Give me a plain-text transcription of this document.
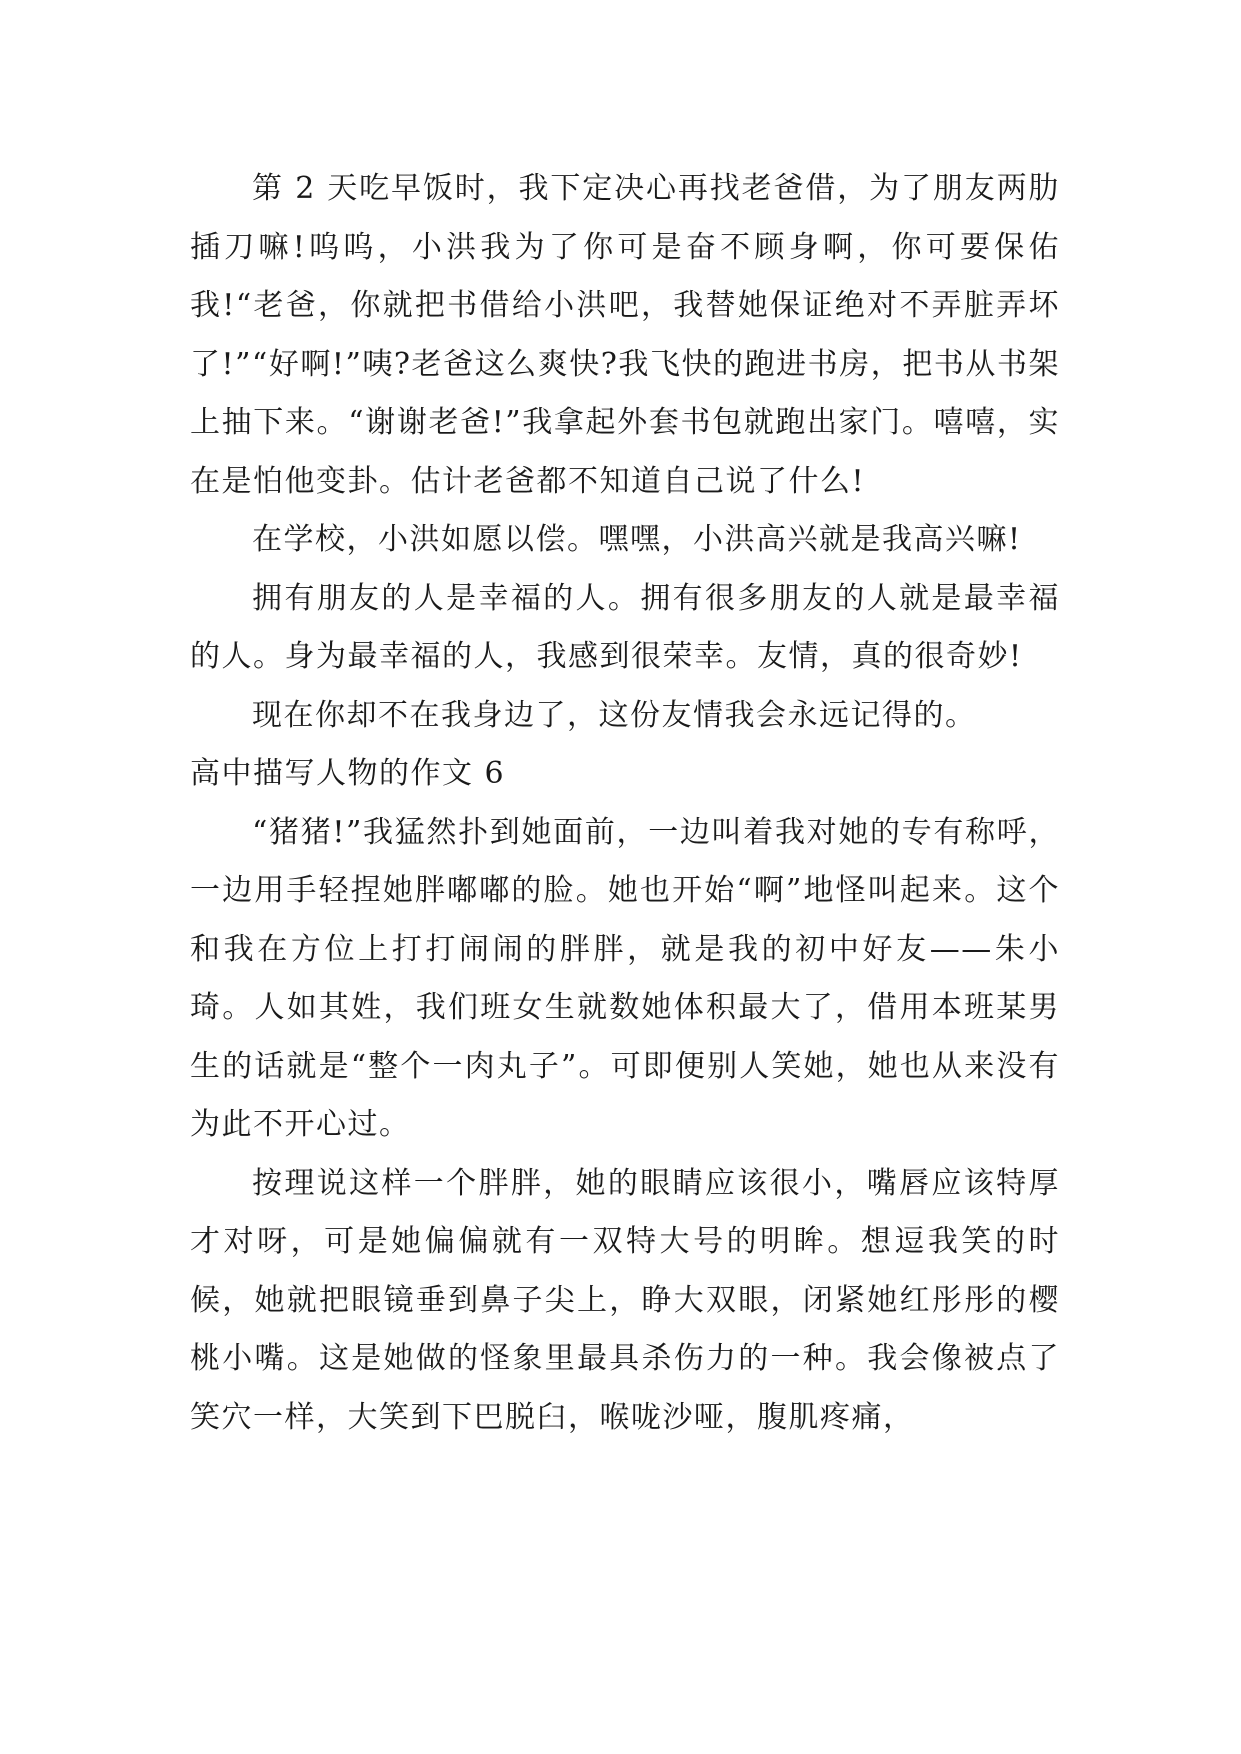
第 2 天吃早饭时，我下定决心再找老爸借，为了朋友两肋插刀嘛!呜呜，小洪我为了你可是奋不顾身啊，你可要保佑我!“老爸，你就把书借给小洪吧，我替她保证绝对不弄脏弄坏了!”“好啊!”咦?老爸这么爽快?我飞快的跑进书房，把书从书架上抽下来。“谢谢老爸!”我拿起外套书包就跑出家门。嘻嘻，实在是怕他变卦。估计老爸都不知道自己说了什么!

在学校，小洪如愿以偿。嘿嘿，小洪高兴就是我高兴嘛!

拥有朋友的人是幸福的人。拥有很多朋友的人就是最幸福的人。身为最幸福的人，我感到很荣幸。友情，真的很奇妙!

现在你却不在我身边了，这份友情我会永远记得的。

高中描写人物的作文 6

“猪猪!”我猛然扑到她面前，一边叫着我对她的专有称呼，一边用手轻捏她胖嘟嘟的脸。她也开始“啊”地怪叫起来。这个和我在方位上打打闹闹的胖胖，就是我的初中好友——朱小琦。人如其姓，我们班女生就数她体积最大了，借用本班某男生的话就是“整个一肉丸子”。可即便别人笑她，她也从来没有为此不开心过。

按理说这样一个胖胖，她的眼睛应该很小，嘴唇应该特厚才对呀，可是她偏偏就有一双特大号的明眸。想逗我笑的时候，她就把眼镜垂到鼻子尖上，睁大双眼，闭紧她红彤彤的樱桃小嘴。这是她做的怪象里最具杀伤力的一种。我会像被点了笑穴一样，大笑到下巴脱臼，喉咙沙哑，腹肌疼痛，
